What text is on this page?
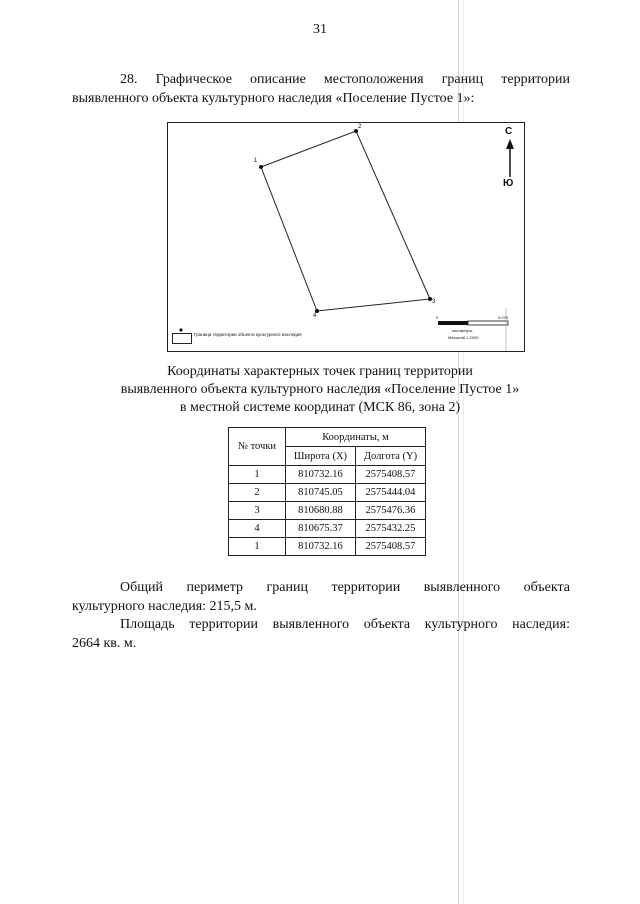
31
28. Графическое описание местоположения границ территории
выявленного объекта культурного наследия «Поселение Пустое 1»:
1
2
3
4
С
Ю
Граница территории объекта культурного наследия
0	0.075
километры
Масштаб 1:2000
Координаты характерных точек границ территории
выявленного объекта культурного наследия «Поселение Пустое 1»
в местной системе координат (МСК 86, зона 2)
№ точки	Координаты, м	
	Широта (X)	Долгота (Y)
1	810732.16	2575408.57
2	810745.05	2575444.04
3	810680.88	2575476.36
4	810675.37	2575432.25
1	810732.16	2575408.57
Общий периметр границ территории выявленного объекта
культурного наследия: 215,5 м.
Площадь территории выявленного объекта культурного наследия:
2664 кв. м.
